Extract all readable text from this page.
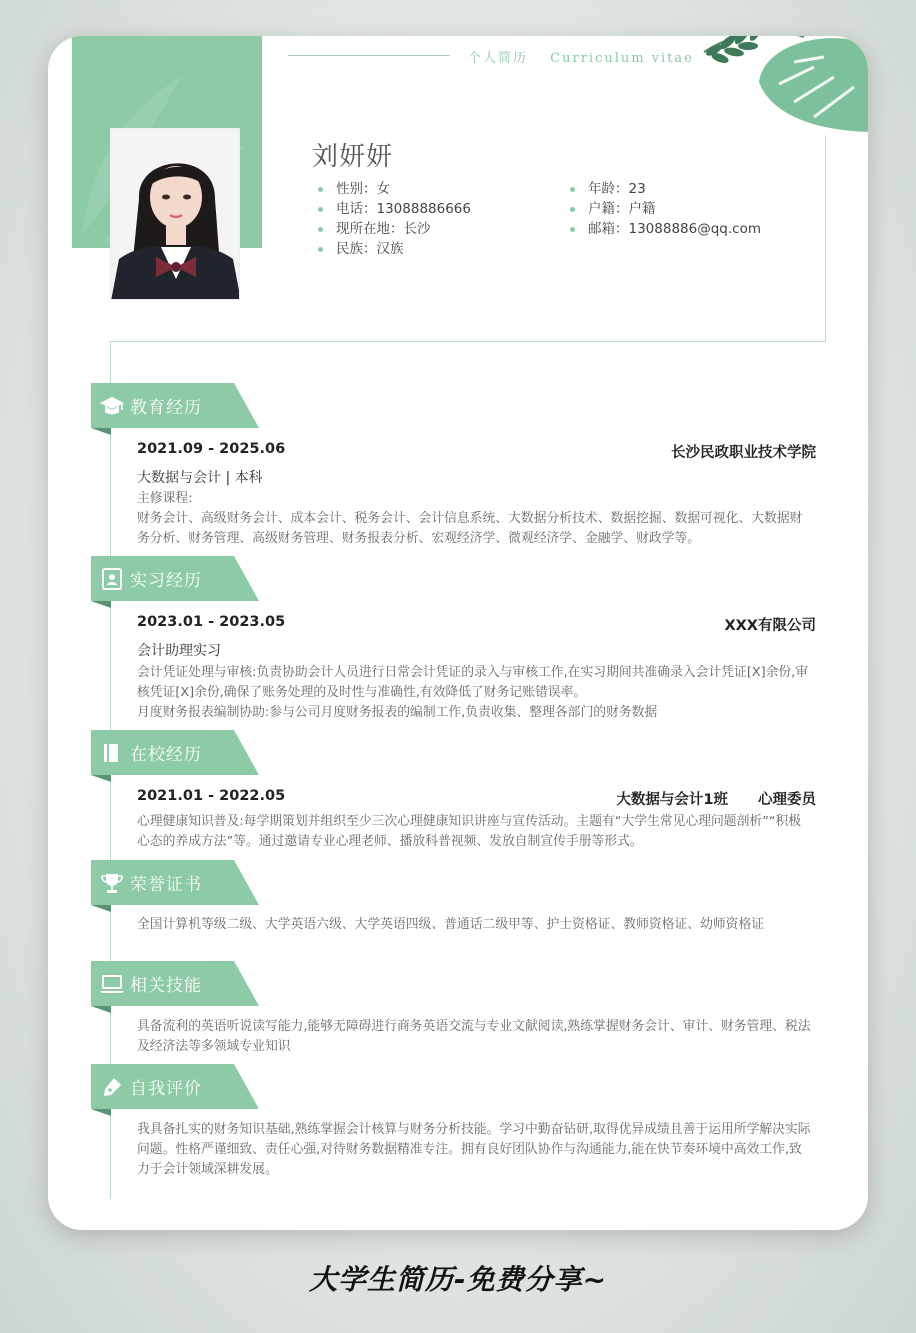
个人简历 Curriculum vitae
刘妍妍
性别：女
电话：13088886666
现所在地：长沙
民族：汉族
年龄：23
户籍：户籍
邮箱：13088886@qq.com
教育经历
2021.09 - 2025.06	长沙民政职业技术学院
大数据与会计 | 本科
主修课程:
财务会计、高级财务会计、成本会计、税务会计、会计信息系统、大数据分析技术、数据挖掘、数据可视化、大数据财务分析、财务管理、高级财务管理、财务报表分析、宏观经济学、微观经济学、金融学、财政学等。
实习经历
2023.01 - 2023.05	XXX有限公司
会计助理实习
会计凭证处理与审核:负责协助会计人员进行日常会计凭证的录入与审核工作,在实习期间共准确录入会计凭证[X]余份,审核凭证[X]余份,确保了账务处理的及时性与准确性,有效降低了财务记账错误率。
月度财务报表编制协助:参与公司月度财务报表的编制工作,负责收集、整理各部门的财务数据
在校经历
2021.01 - 2022.05	大数据与会计1班 心理委员
心理健康知识普及:每学期策划并组织至少三次心理健康知识讲座与宣传活动。主题有“大学生常见心理问题剖析”“积极心态的养成方法”等。通过邀请专业心理老师、播放科普视频、发放自制宣传手册等形式。
荣誉证书
全国计算机等级二级、大学英语六级、大学英语四级、普通话二级甲等、护士资格证、教师资格证、幼师资格证
相关技能
具备流利的英语听说读写能力,能够无障碍进行商务英语交流与专业文献阅读,熟练掌握财务会计、审计、财务管理、税法及经济法等多领域专业知识
自我评价
我具备扎实的财务知识基础,熟练掌握会计核算与财务分析技能。学习中勤奋钻研,取得优异成绩且善于运用所学解决实际问题。性格严谨细致、责任心强,对待财务数据精准专注。拥有良好团队协作与沟通能力,能在快节奏环境中高效工作,致力于会计领域深耕发展。
大学生简历-免费分享~
